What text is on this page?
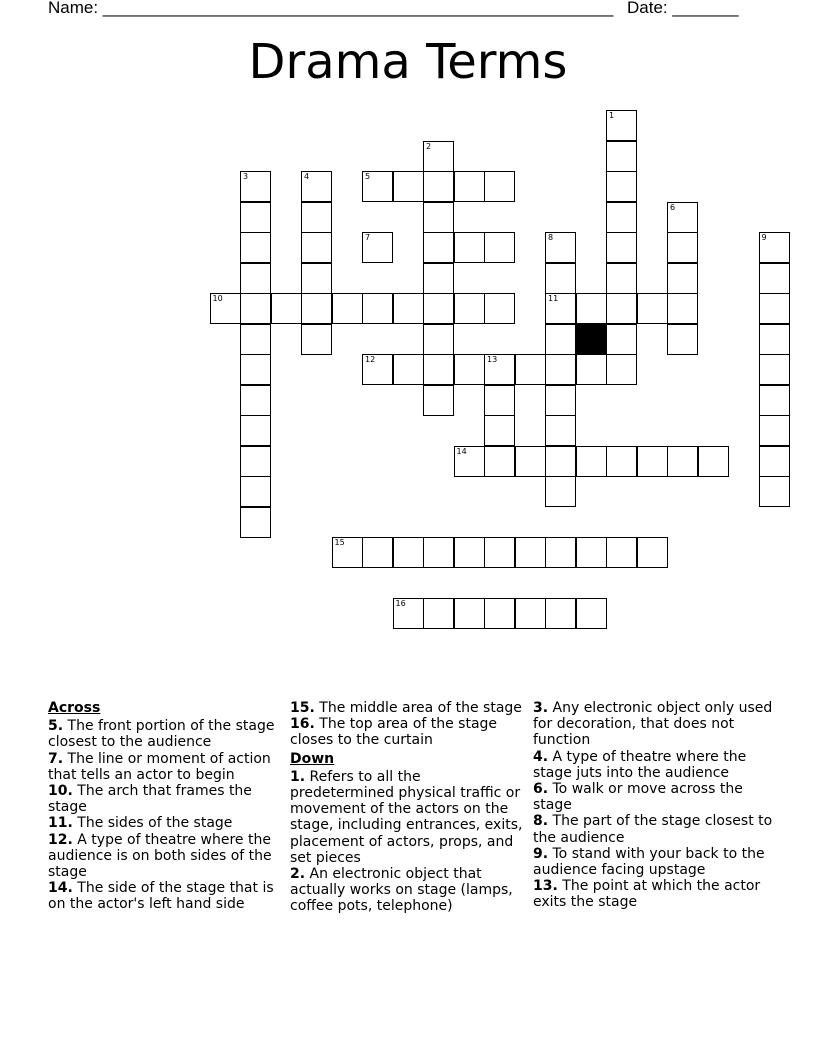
Name: ______________________________________________________ Date: _______
Drama Terms
1
2
3	4	5
6
8
11
9
10
12	13
14
15
16
7

Across

5. The front portion of the stage closest to the audience

7. The line or moment of action that tells an actor to begin

10. The arch that frames the stage

11. The sides of the stage

12. A type of theatre where the audience is on both sides of the stage

14. The side of the stage that is on the actor's left hand side

15. The middle area of the stage

16. The top area of the stage closes to the curtain

Down

1. Refers to all the predetermined physical traffic or movement of the actors on the stage, including entrances, exits, placement of actors, props, and set pieces

2. An electronic object that actually works on stage (lamps, coffee pots, telephone)

3. Any electronic object only used for decoration, that does not function

4. A type of theatre where the stage juts into the audience

6. To walk or move across the stage

8. The part of the stage closest to the audience

9. To stand with your back to the audience facing upstage

13. The point at which the actor exits the stage
